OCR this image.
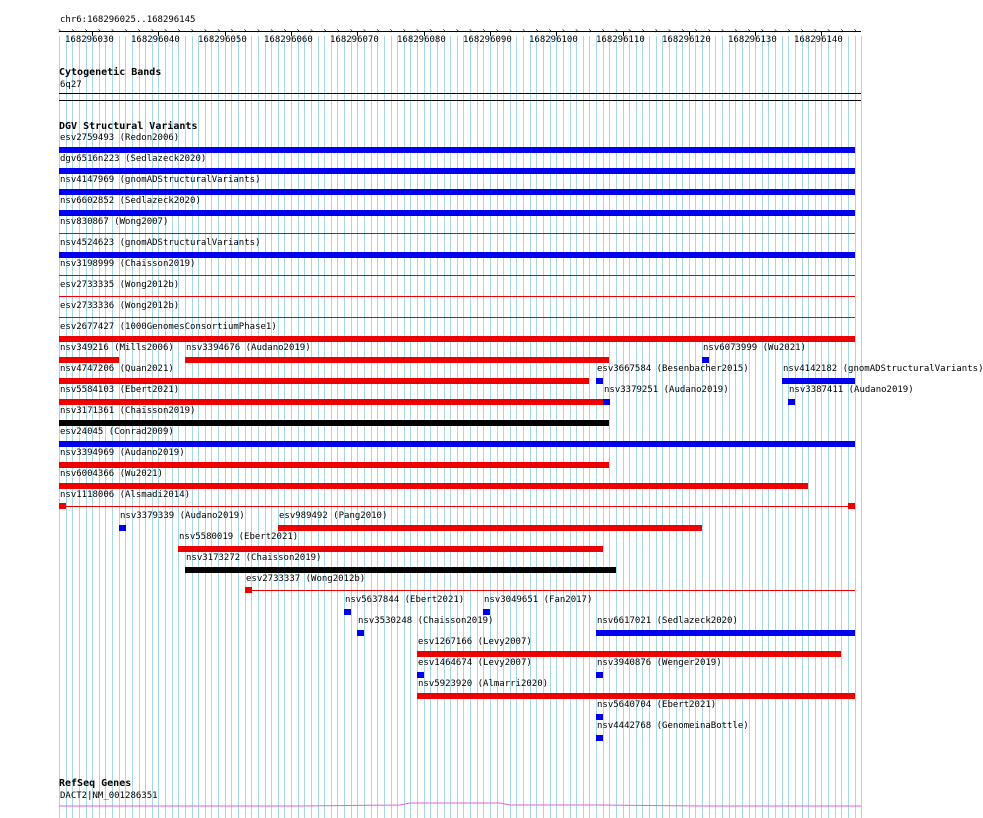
chr6:168296025..168296145
› › › › › › › › › › › › › › › › › › › › › › › › › › › › › › › › › › › › › › › › › › › › › › › › › › › › › › › › › › › › ›
168296030 168296040 168296050 168296060 168296070 168296080 168296090 168296100 168296110 168296120 168296130 168296140
Cytogenetic Bands
6q27
DGV Structural Variants
esv2759493 (Redon2006)
dgv6516n223 (Sedlazeck2020)
nsv4147969 (gnomADStructuralVariants)
nsv6602852 (Sedlazeck2020)
nsv830867 (Wong2007)
nsv4524623 (gnomADStructuralVariants)
nsv3198999 (Chaisson2019)
esv2733335 (Wong2012b)
esv2733336 (Wong2012b)
esv2677427 (1000GenomesConsortiumPhase1)
nsv349216 (Mills2006) nsv3394676 (Audano2019)	nsv6073999 (Wu2021)
nsv4747206 (Quan2021)	esv3667584 (Besenbacher2015)	nsv4142182 (gnomADStructuralVariants)
nsv5584103 (Ebert2021)	nsv3379251 (Audano2019)	nsv3387411 (Audano2019)
nsv3171361 (Chaisson2019)
esv24045 (Conrad2009)
nsv3394969 (Audano2019)
nsv6004366 (Wu2021)
nsv1118006 (Alsmadi2014)
nsv3379339 (Audano2019)	esv989492 (Pang2010)
nsv5580019 (Ebert2021)
nsv3173272 (Chaisson2019)
esv2733337 (Wong2012b)
nsv5637844 (Ebert2021) nsv3049651 (Fan2017)
nsv3530248 (Chaisson2019)	nsv6617021 (Sedlazeck2020)
esv1267166 (Levy2007)
esv1464674 (Levy2007)	nsv3940876 (Wenger2019)
nsv5923920 (Almarri2020)
nsv5640704 (Ebert2021)
nsv4442768 (GenomeinaBottle)
RefSeq Genes
DACT2|NM_001286351
